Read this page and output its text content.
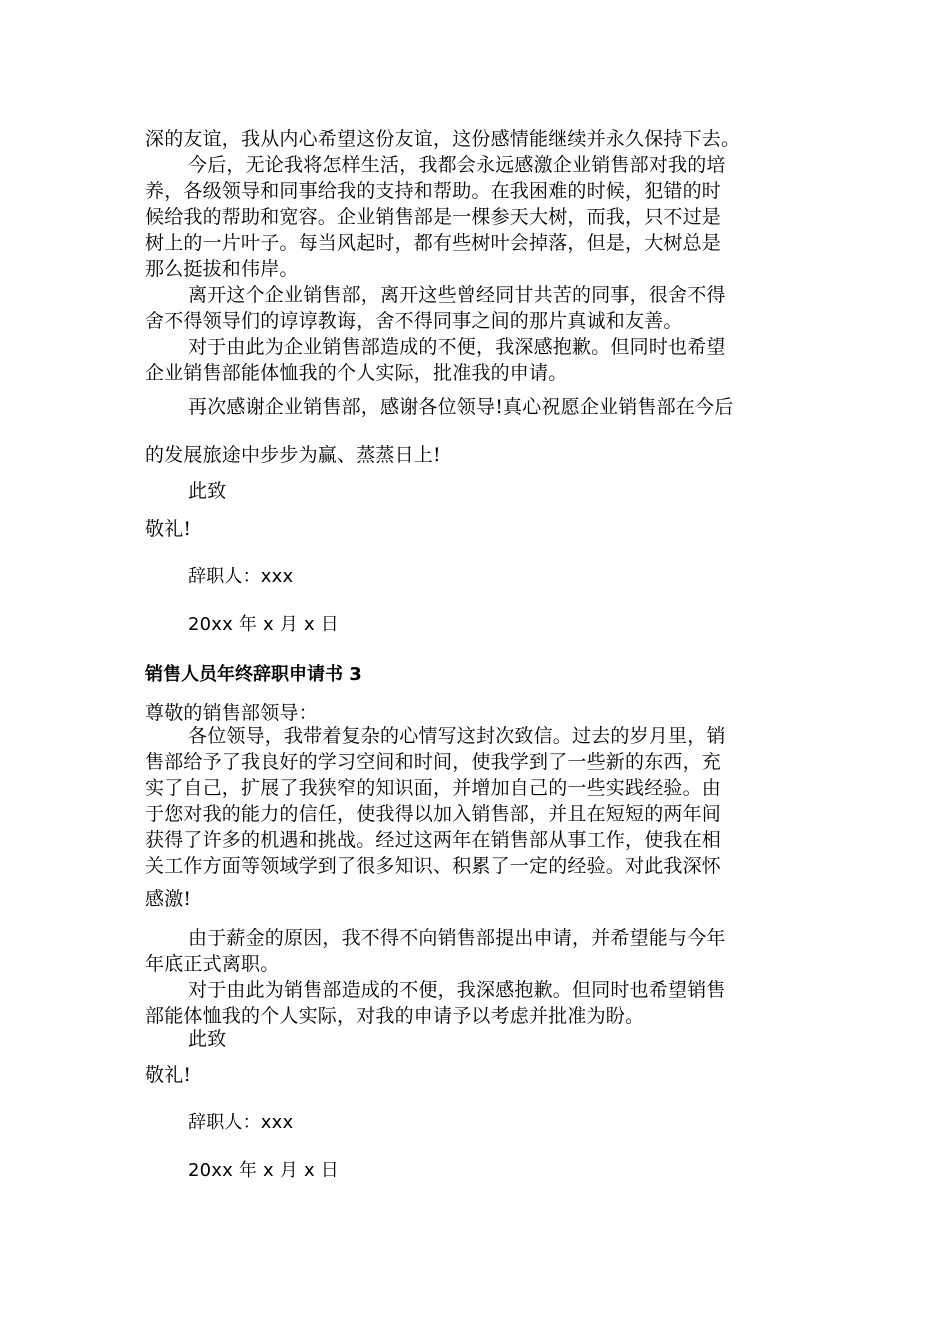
深的友谊，我从内心希望这份友谊，这份感情能继续并永久保持下去。
今后，无论我将怎样生活，我都会永远感激企业销售部对我的培
养，各级领导和同事给我的支持和帮助。在我困难的时候，犯错的时
候给我的帮助和宽容。企业销售部是一棵参天大树，而我，只不过是
树上的一片叶子。每当风起时，都有些树叶会掉落，但是，大树总是
那么挺拔和伟岸。
离开这个企业销售部，离开这些曾经同甘共苦的同事，很舍不得
舍不得领导们的谆谆教诲，舍不得同事之间的那片真诚和友善。
对于由此为企业销售部造成的不便，我深感抱歉。但同时也希望
企业销售部能体恤我的个人实际，批准我的申请。
再次感谢企业销售部，感谢各位领导!真心祝愿企业销售部在今后
的发展旅途中步步为赢、蒸蒸日上!
此致
敬礼!
辞职人：xxx
20xx 年 x 月 x 日
销售人员年终辞职申请书 3
尊敬的销售部领导：
各位领导，我带着复杂的心情写这封次致信。过去的岁月里，销
售部给予了我良好的学习空间和时间，使我学到了一些新的东西，充
实了自己，扩展了我狭窄的知识面，并增加自己的一些实践经验。由
于您对我的能力的信任，使我得以加入销售部，并且在短短的两年间
获得了许多的机遇和挑战。经过这两年在销售部从事工作，使我在相
关工作方面等领域学到了很多知识、积累了一定的经验。对此我深怀
感激!
由于薪金的原因，我不得不向销售部提出申请，并希望能与今年
年底正式离职。
对于由此为销售部造成的不便，我深感抱歉。但同时也希望销售
部能体恤我的个人实际，对我的申请予以考虑并批准为盼。
此致
敬礼!
辞职人：xxx
20xx 年 x 月 x 日
